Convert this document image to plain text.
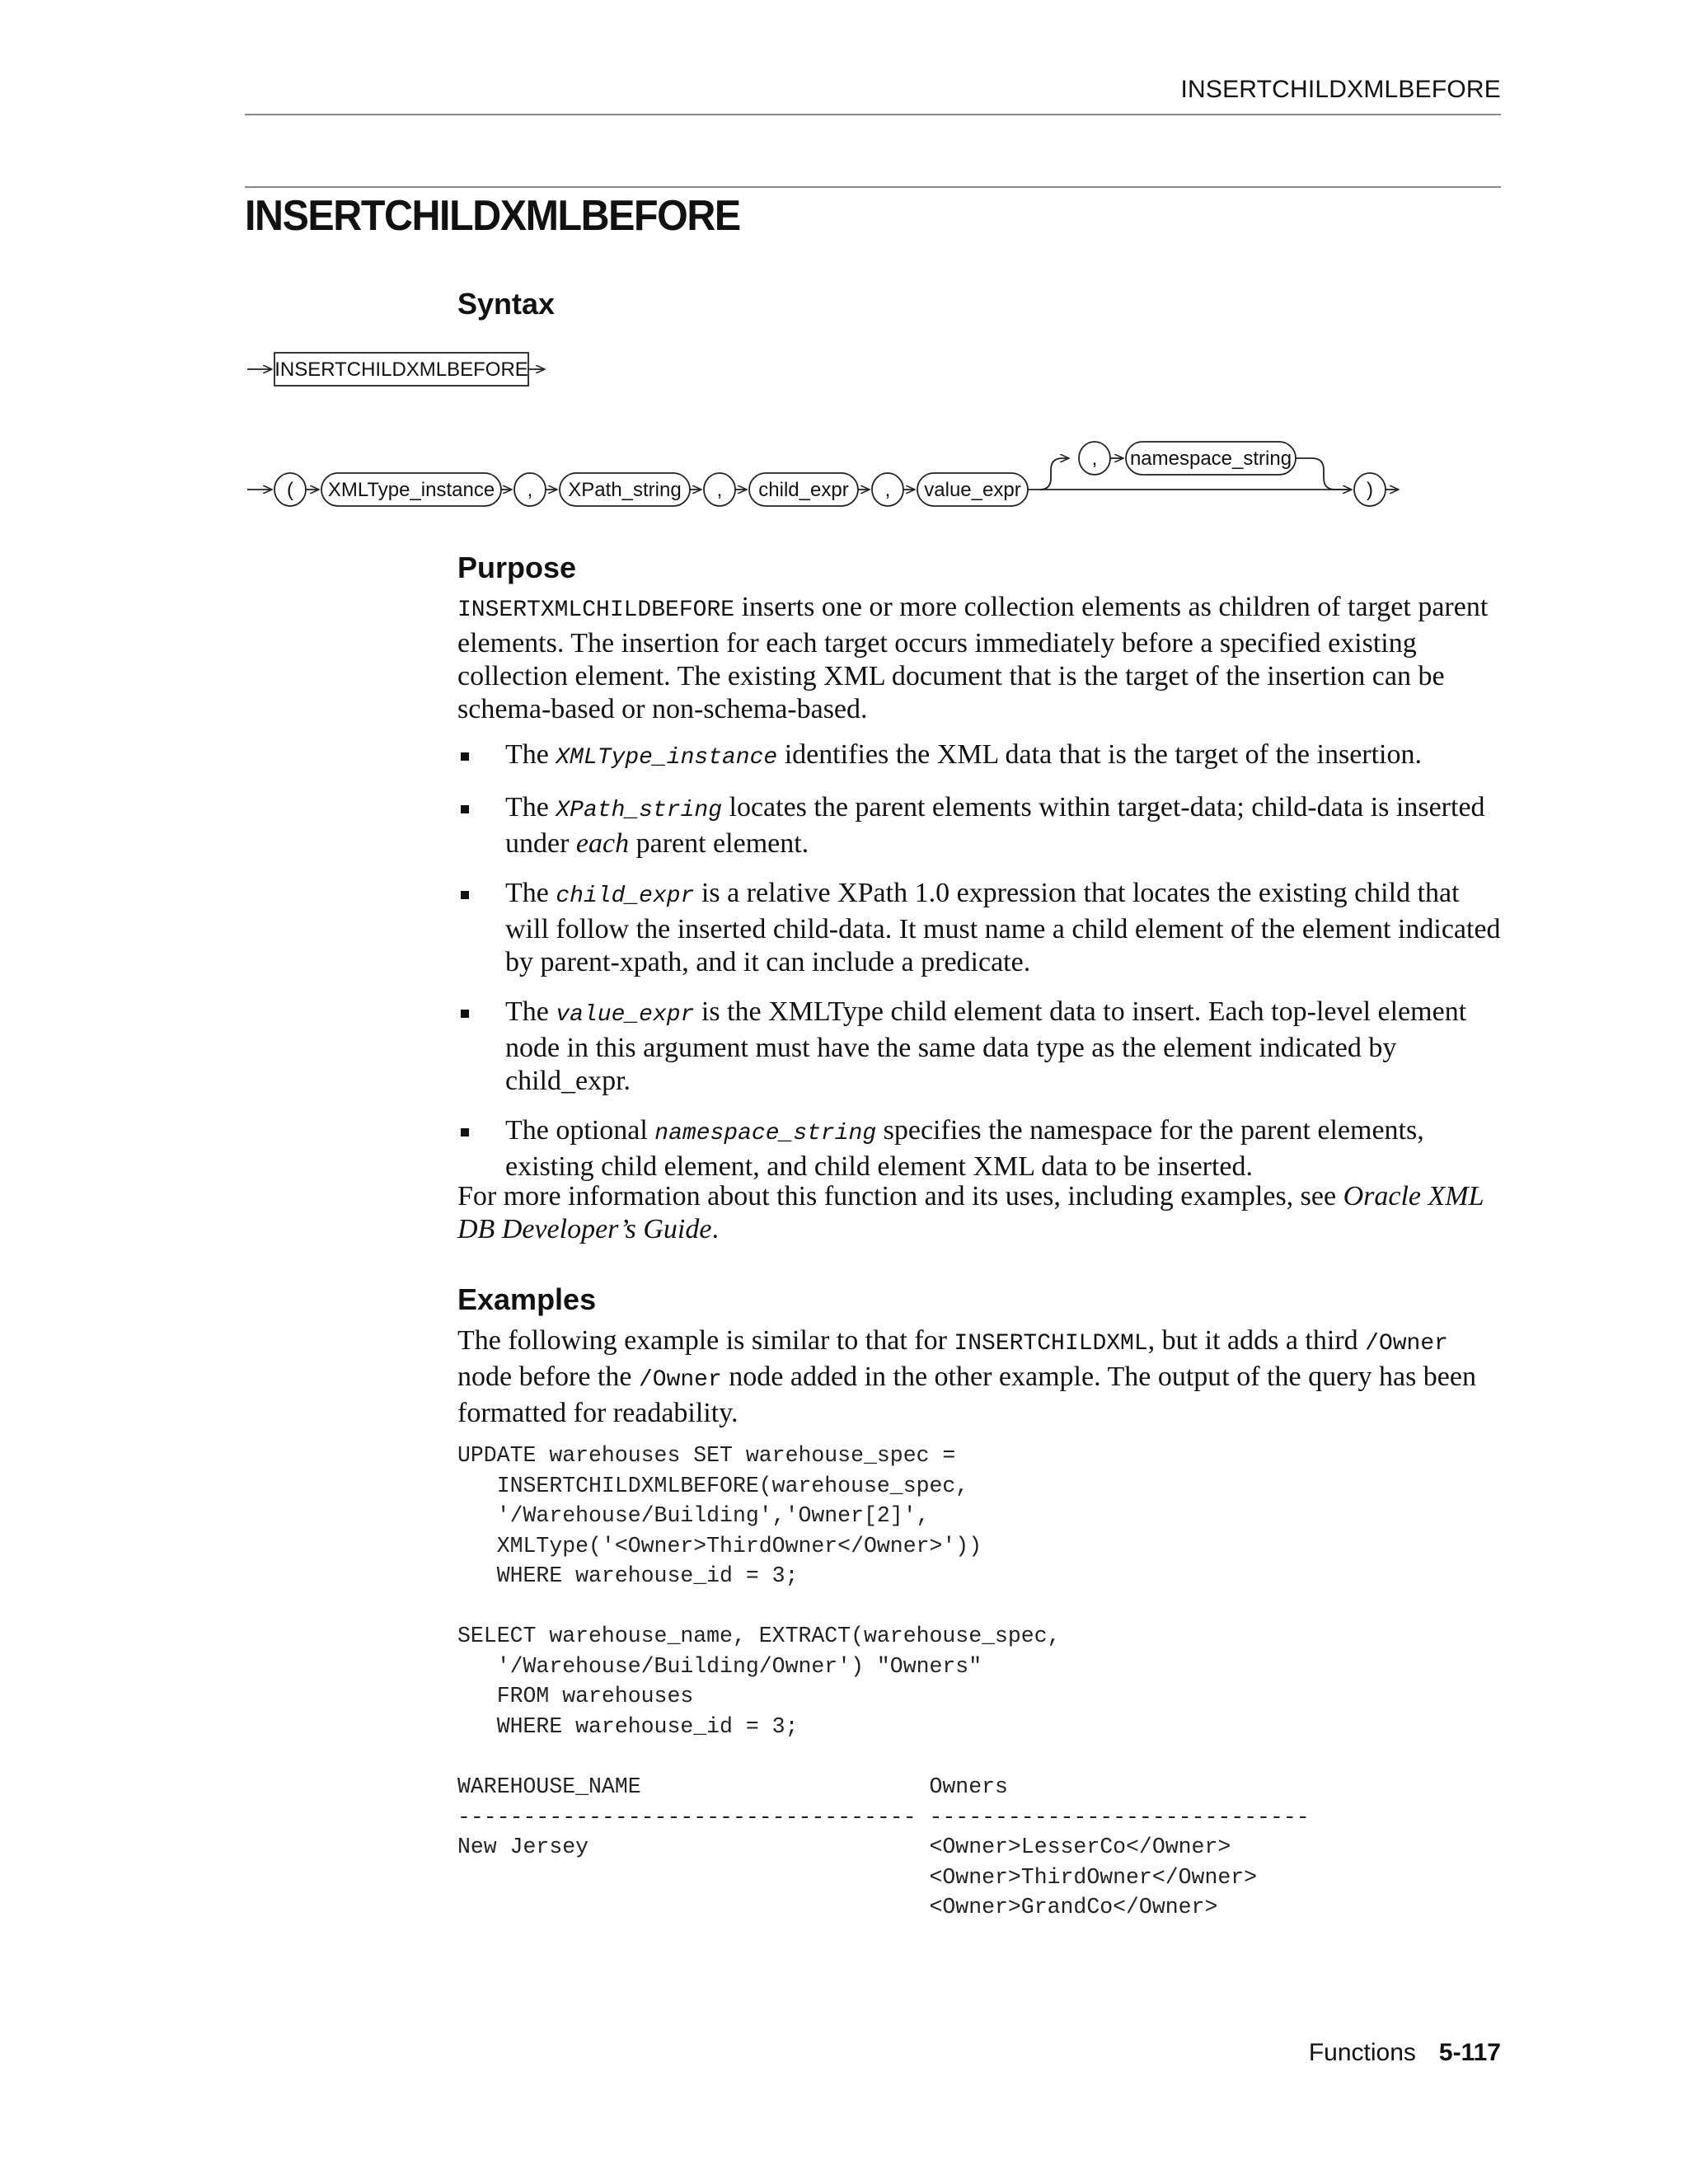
INSERTCHILDXMLBEFORE
INSERTCHILDXMLBEFORE
Syntax
INSERTCHILDXMLBEFORE
( XMLType_instance , XPath_string , child_expr , value_expr
, namespace_string
)
Purpose
INSERTXMLCHILDBEFORE inserts one or more collection elements as children of target parent elements. The insertion for each target occurs immediately before a specified existing collection element. The existing XML document that is the target of the insertion can be schema-based or non-schema-based.
The XMLType_instance identifies the XML data that is the target of the insertion.
The XPath_string locates the parent elements within target-data; child-data is inserted under each parent element.
The child_expr is a relative XPath 1.0 expression that locates the existing child that will follow the inserted child-data. It must name a child element of the element indicated by parent-xpath, and it can include a predicate.
The value_expr is the XMLType child element data to insert. Each top-level element node in this argument must have the same data type as the element indicated by child_expr.
The optional namespace_string specifies the namespace for the parent elements, existing child element, and child element XML data to be inserted.
For more information about this function and its uses, including examples, see Oracle XML DB Developer’s Guide.
Examples
The following example is similar to that for INSERTCHILDXML, but it adds a third /Owner node before the /Owner node added in the other example. The output of the query has been formatted for readability.
UPDATE warehouses SET warehouse_spec =
INSERTCHILDXMLBEFORE(warehouse_spec,
'/Warehouse/Building','Owner[2]',
XMLType('<Owner>ThirdOwner</Owner>'))
WHERE warehouse_id = 3;
SELECT warehouse_name, EXTRACT(warehouse_spec,
'/Warehouse/Building/Owner') "Owners"
FROM warehouses
WHERE warehouse_id = 3;
WAREHOUSE_NAME                      Owners
----------------------------------- -----------------------------
New Jersey                          <Owner>LesserCo</Owner>
<Owner>ThirdOwner</Owner>
<Owner>GrandCo</Owner>
Functions 5-117
